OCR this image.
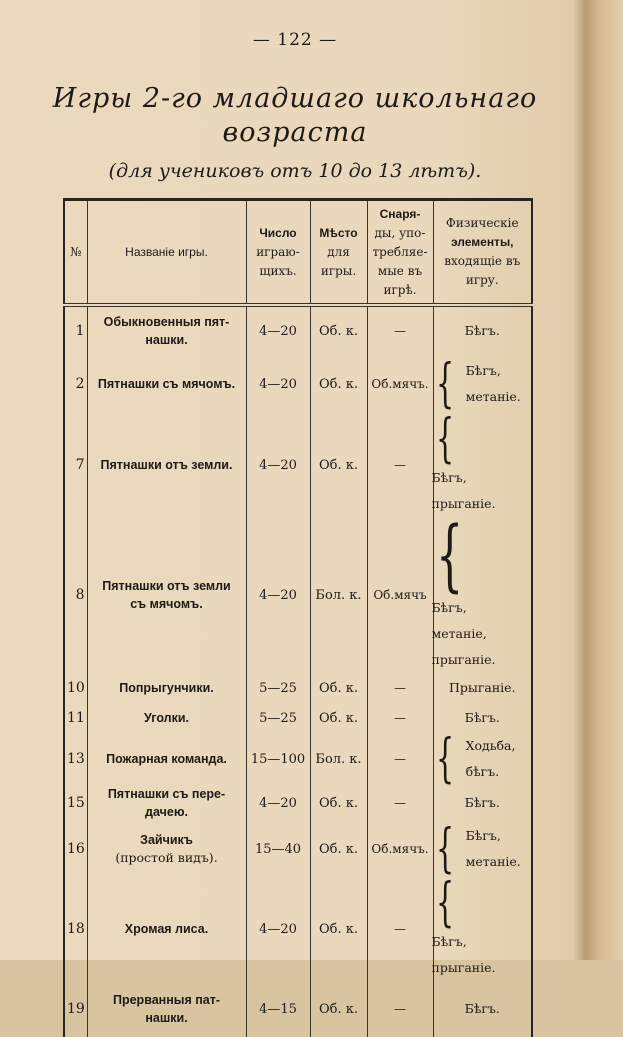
— 122 —
Игры 2-го младшаго школьнаго
возраста
(для учениковъ отъ 10 до 13 лѣтъ).
№	Названіе игры.	Число
играю-
щихъ.	Мѣсто
для
игры.	Снаря-
ды, упо-
требляе-
мые въ
игрѣ.	Физическіе
элементы,
входящіе въ
игру.
1	Обыкновенныя пят-
нашки.	4—20	Об. к.	—	Бѣгъ.
2	Пятнашки съ мячомъ.	4—20	Об. к.	Об.мячъ.	{ Бѣгъ,
метаніе.
7	Пятнашки отъ земли.	4—20	Об. к.	—	{Бѣгъ,
прыганіе.
8	Пятнашки отъ земли
съ мячомъ.	4—20	Бол. к.	Об.мячъ	{Бѣгъ,
метаніе,
прыганіе.
10	Попрыгунчики.	5—25	Об. к.	—	Прыганіе.
11	Уголки.	5—25	Об. к.	—	Бѣгъ.
13	Пожарная команда.	15—100	Бол. к.	—	{ Ходьба,
бѣгъ.
15	Пятнашки съ пере-
дачею.	4—20	Об. к.	—	Бѣгъ.
16	Зайчикъ
(простой видъ).	15—40	Об. к.	Об.мячъ.	{ Бѣгъ,
метаніе.
18	Хромая лиса.	4—20	Об. к.	—	{Бѣгъ,
прыганіе.
19	Прерванныя пат-
нашки.	4—15	Об. к.	—	Бѣгъ.
